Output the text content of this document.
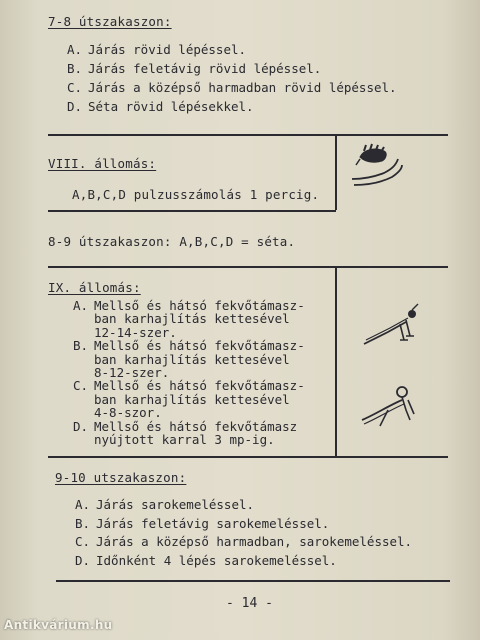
7-8 útszakaszon:
A. Járás rövid lépéssel.
B. Járás feletávig rövid lépéssel.
C. Járás a középső harmadban rövid lépéssel.
D. Séta rövid lépésekkel.
VIII. állomás:
A,B,C,D pulzusszámolás 1 percig.
8-9 útszakaszon: A,B,C,D = séta.
IX. állomás:
A. Mellső és hátsó fekvőtámasz-
ban karhajlítás kettesével
12-14-szer.
B. Mellső és hátsó fekvőtámasz-
ban karhajlítás kettesével
8-12-szer.
C. Mellső és hátsó fekvőtámasz-
ban karhajlítás kettesével
4-8-szor.
D. Mellső és hátsó fekvőtámasz
nyújtott karral 3 mp-ig.
9-10 utszakaszon:
A. Járás sarokemeléssel.
B. Járás feletávig sarokemeléssel.
C. Járás a középső harmadban, sarokemeléssel.
D. Időnként 4 lépés sarokemeléssel.
- 14 -
Antikvárium.hu
